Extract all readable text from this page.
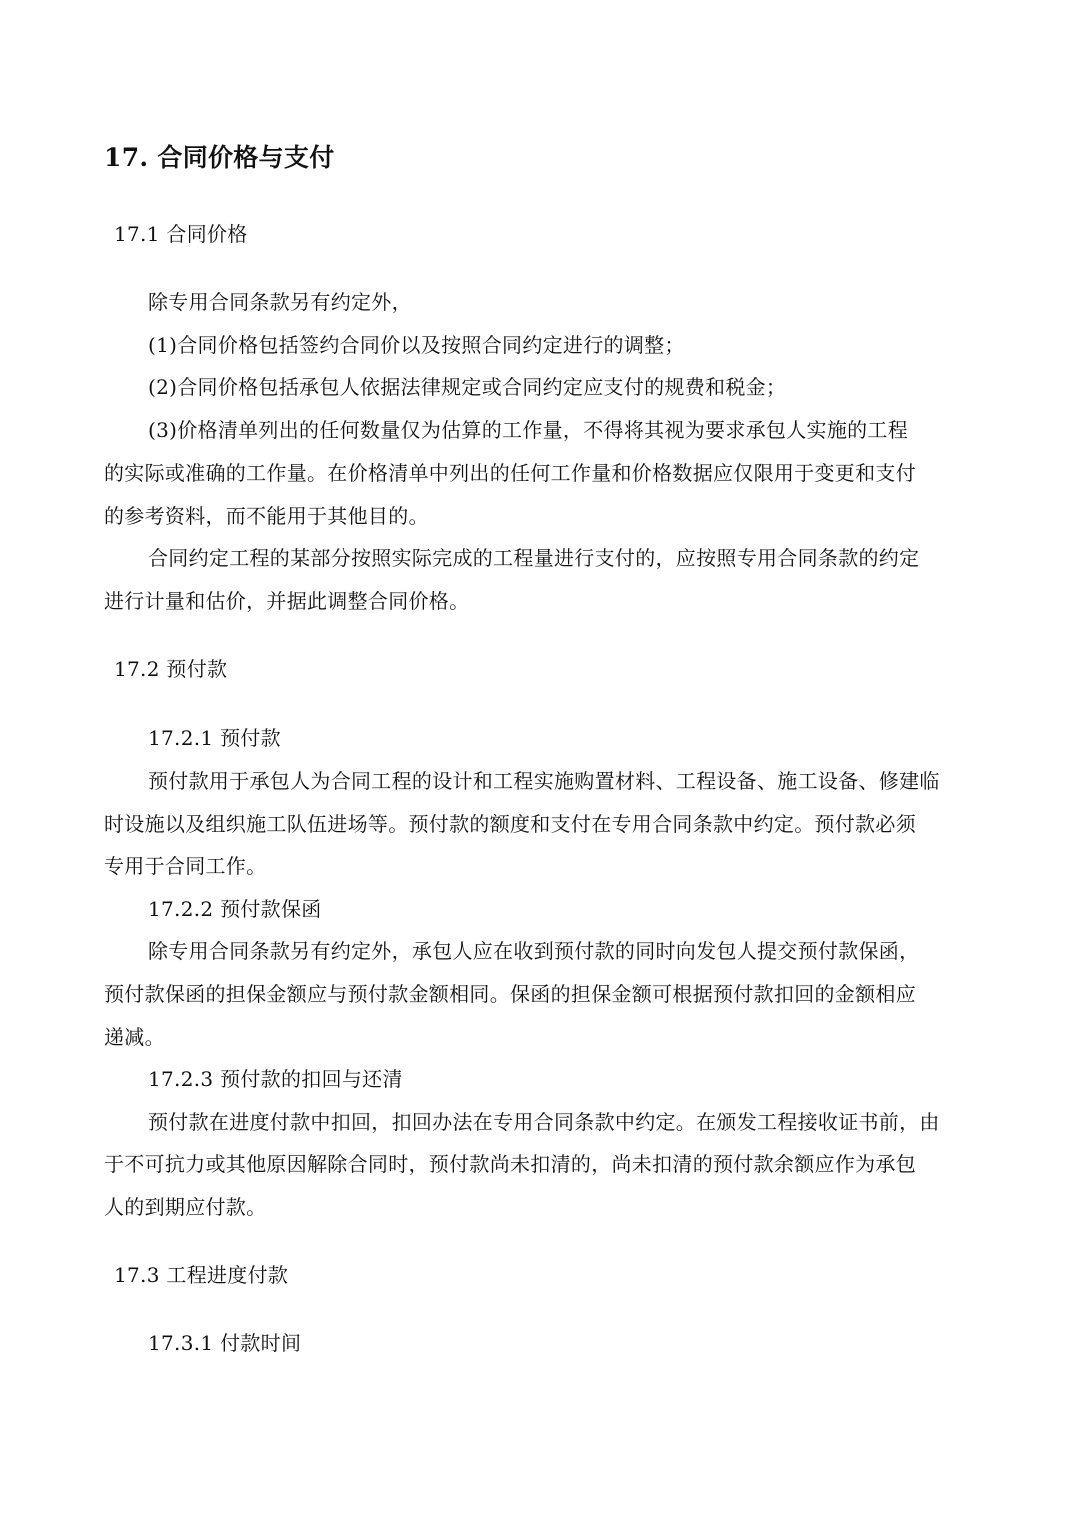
17. 合同价格与支付
17.1 合同价格

除专用合同条款另有约定外，

(1)合同价格包括签约合同价以及按照合同约定进行的调整；

(2)合同价格包括承包人依据法律规定或合同约定应支付的规费和税金；

(3)价格清单列出的任何数量仅为估算的工作量，不得将其视为要求承包人实施的工程

的实际或准确的工作量。在价格清单中列出的任何工作量和价格数据应仅限用于变更和支付

的参考资料，而不能用于其他目的。

合同约定工程的某部分按照实际完成的工程量进行支付的，应按照专用合同条款的约定

进行计量和估价，并据此调整合同价格。

17.2 预付款
17.2.1 预付款

预付款用于承包人为合同工程的设计和工程实施购置材料、工程设备、施工设备、修建临

时设施以及组织施工队伍进场等。预付款的额度和支付在专用合同条款中约定。预付款必须

专用于合同工作。

17.2.2 预付款保函

除专用合同条款另有约定外，承包人应在收到预付款的同时向发包人提交预付款保函，

预付款保函的担保金额应与预付款金额相同。保函的担保金额可根据预付款扣回的金额相应

递减。

17.2.3 预付款的扣回与还清

预付款在进度付款中扣回，扣回办法在专用合同条款中约定。在颁发工程接收证书前，由

于不可抗力或其他原因解除合同时，预付款尚未扣清的，尚未扣清的预付款余额应作为承包

人的到期应付款。

17.3 工程进度付款
17.3.1 付款时间
